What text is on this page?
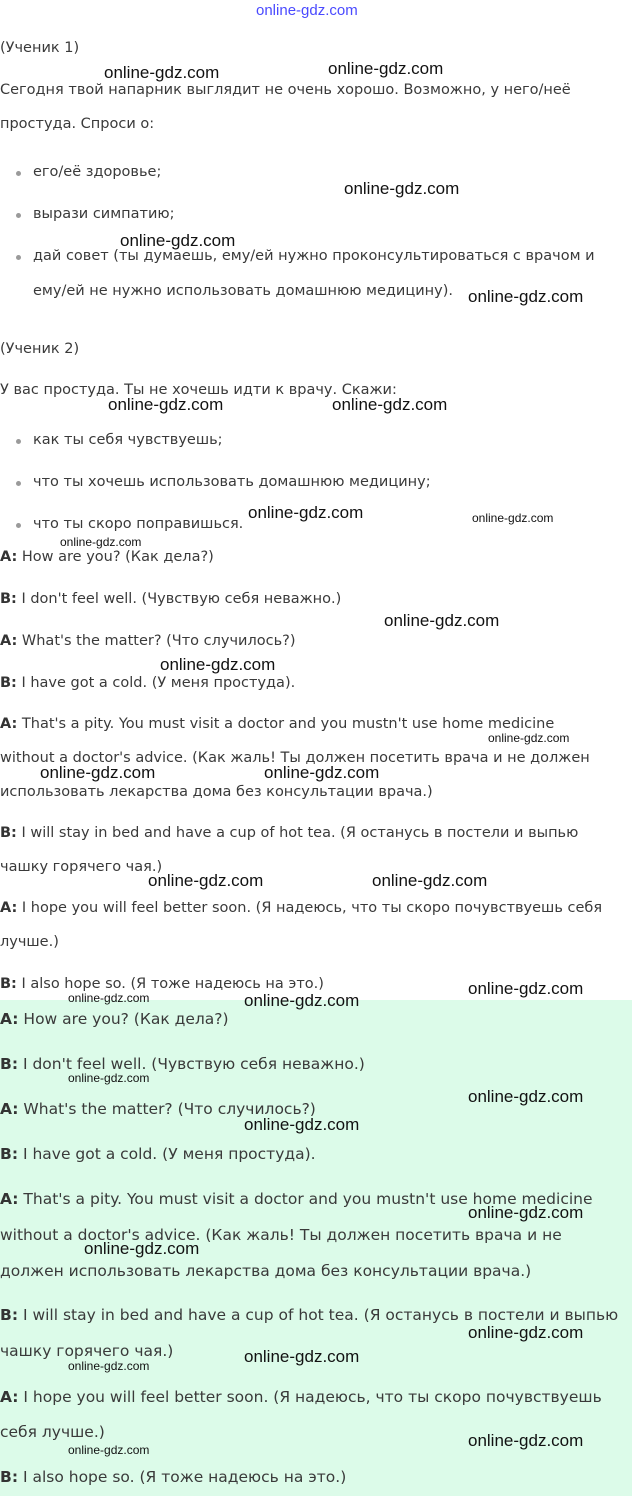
online-gdz.com

(Ученик 1)

Сегодня твой напарник выглядит не очень хорошо. Возможно, у него/неё

простуда. Спроси о:

его/её здоровье;
вырази симпатию;
дай совет (ты думаешь, ему/ей нужно проконсультироваться с врачом и
ему/ей не нужно использовать домашнюю медицину).

(Ученик 2)

У вас простуда. Ты не хочешь идти к врачу. Скажи:

как ты себя чувствуешь;
что ты хочешь использовать домашнюю медицину;
что ты скоро поправишься.

A: How are you? (Как дела?)

B: I don't feel well. (Чувствую себя неважно.)

A: What's the matter? (Что случилось?)

B: I have got a cold. (У меня простуда).

A: That's a pity. You must visit a doctor and you mustn't use home medicine

without a doctor's advice. (Как жаль! Ты должен посетить врача и не должен

использовать лекарства дома без консультации врача.)

B: I will stay in bed and have a cup of hot tea. (Я останусь в постели и выпью

чашку горячего чая.)

A: I hope you will feel better soon. (Я надеюсь, что ты скоро почувствуешь себя

лучше.)

B: I also hope so. (Я тоже надеюсь на это.)

A: How are you? (Как дела?)

B: I don't feel well. (Чувствую себя неважно.)

A: What's the matter? (Что случилось?)

B: I have got a cold. (У меня простуда).

A: That's a pity. You must visit a doctor and you mustn't use home medicine

without a doctor's advice. (Как жаль! Ты должен посетить врача и не

должен использовать лекарства дома без консультации врача.)

B: I will stay in bed and have a cup of hot tea. (Я останусь в постели и выпью

чашку горячего чая.)

A: I hope you will feel better soon. (Я надеюсь, что ты скоро почувствуешь

себя лучше.)

B: I also hope so. (Я тоже надеюсь на это.)

online-gdz.com	online-gdz.com
online-gdz.com
online-gdz.com
online-gdz.com
online-gdz.com	online-gdz.com
online-gdz.com	online-gdz.com
online-gdz.com
online-gdz.com
online-gdz.com
online-gdz.com
online-gdz.com	online-gdz.com
online-gdz.com	online-gdz.com
online-gdz.com
online-gdz.com	online-gdz.com
online-gdz.com
online-gdz.com
online-gdz.com
online-gdz.com
online-gdz.com
online-gdz.com
online-gdz.com
online-gdz.com
online-gdz.com
online-gdz.com
